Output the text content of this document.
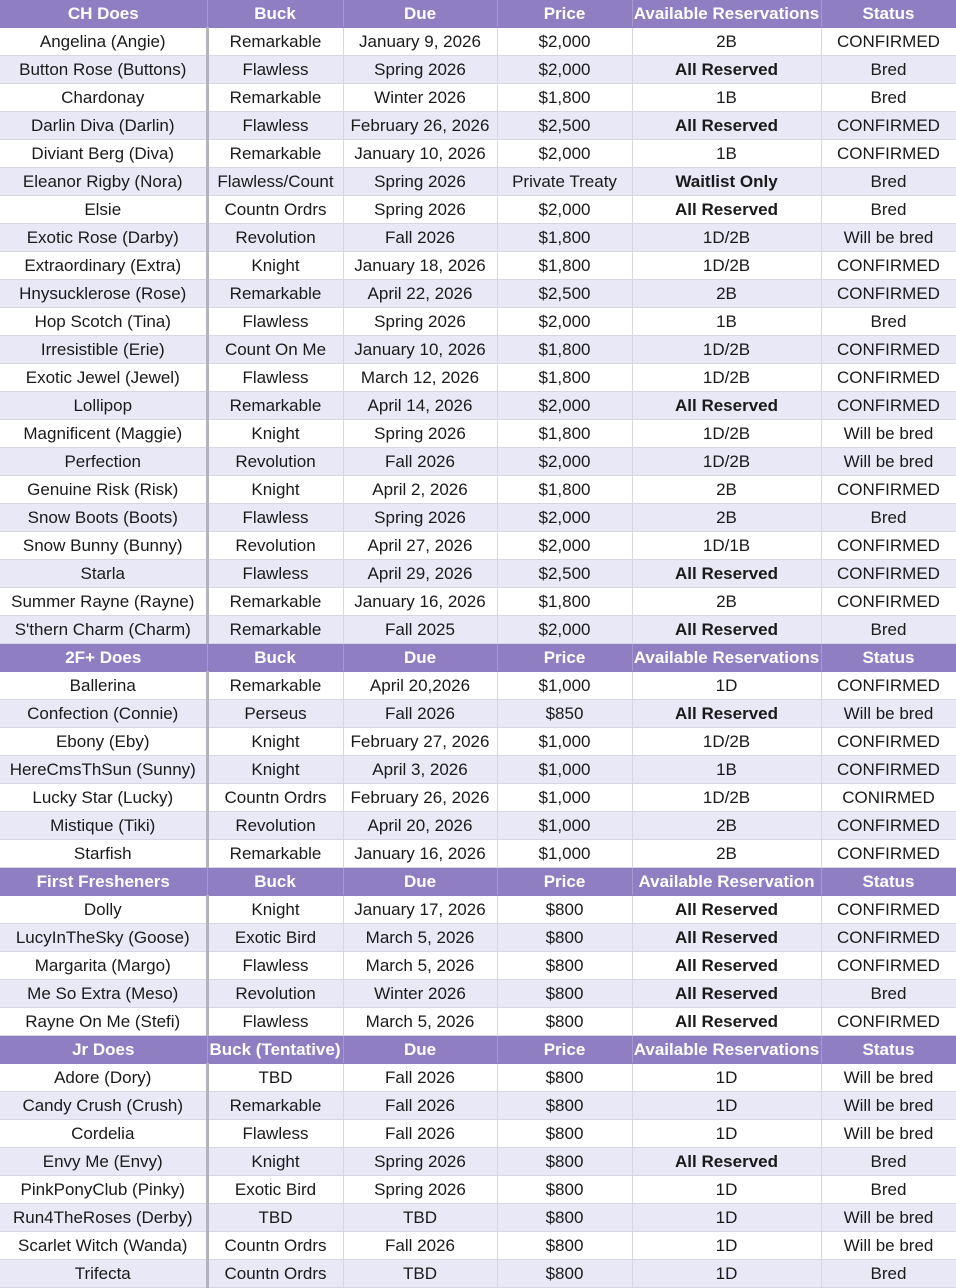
CH Does	Buck	Due	Price	Available Reservations	Status
Angelina (Angie)	Remarkable	January 9, 2026	$2,000	2B	CONFIRMED
Button Rose (Buttons)	Flawless	Spring 2026	$2,000	All Reserved	Bred
Chardonay	Remarkable	Winter 2026	$1,800	1B	Bred
Darlin Diva (Darlin)	Flawless	February 26, 2026	$2,500	All Reserved	CONFIRMED
Diviant Berg (Diva)	Remarkable	January 10, 2026	$2,000	1B	CONFIRMED
Eleanor Rigby (Nora)	Flawless/Count	Spring 2026	Private Treaty	Waitlist Only	Bred
Elsie	Countn Ordrs	Spring 2026	$2,000	All Reserved	Bred
Exotic Rose (Darby)	Revolution	Fall 2026	$1,800	1D/2B	Will be bred
Extraordinary (Extra)	Knight	January 18, 2026	$1,800	1D/2B	CONFIRMED
Hnysucklerose (Rose)	Remarkable	April 22, 2026	$2,500	2B	CONFIRMED
Hop Scotch (Tina)	Flawless	Spring 2026	$2,000	1B	Bred
Irresistible (Erie)	Count On Me	January 10, 2026	$1,800	1D/2B	CONFIRMED
Exotic Jewel (Jewel)	Flawless	March 12, 2026	$1,800	1D/2B	CONFIRMED
Lollipop	Remarkable	April 14, 2026	$2,000	All Reserved	CONFIRMED
Magnificent (Maggie)	Knight	Spring 2026	$1,800	1D/2B	Will be bred
Perfection	Revolution	Fall 2026	$2,000	1D/2B	Will be bred
Genuine Risk (Risk)	Knight	April 2, 2026	$1,800	2B	CONFIRMED
Snow Boots (Boots)	Flawless	Spring 2026	$2,000	2B	Bred
Snow Bunny (Bunny)	Revolution	April 27, 2026	$2,000	1D/1B	CONFIRMED
Starla	Flawless	April 29, 2026	$2,500	All Reserved	CONFIRMED
Summer Rayne (Rayne)	Remarkable	January 16, 2026	$1,800	2B	CONFIRMED
S'thern Charm (Charm)	Remarkable	Fall 2025	$2,000	All Reserved	Bred
2F+ Does	Buck	Due	Price	Available Reservations	Status
Ballerina	Remarkable	April 20,2026	$1,000	1D	CONFIRMED
Confection (Connie)	Perseus	Fall 2026	$850	All Reserved	Will be bred
Ebony (Eby)	Knight	February 27, 2026	$1,000	1D/2B	CONFIRMED
HereCmsThSun (Sunny)	Knight	April 3, 2026	$1,000	1B	CONFIRMED
Lucky Star (Lucky)	Countn Ordrs	February 26, 2026	$1,000	1D/2B	CONIRMED
Mistique (Tiki)	Revolution	April 20, 2026	$1,000	2B	CONFIRMED
Starfish	Remarkable	January 16, 2026	$1,000	2B	CONFIRMED
First Fresheners	Buck	Due	Price	Available Reservation	Status
Dolly	Knight	January 17, 2026	$800	All Reserved	CONFIRMED
LucyInTheSky (Goose)	Exotic Bird	March 5, 2026	$800	All Reserved	CONFIRMED
Margarita (Margo)	Flawless	March 5, 2026	$800	All Reserved	CONFIRMED
Me So Extra (Meso)	Revolution	Winter 2026	$800	All Reserved	Bred
Rayne On Me (Stefi)	Flawless	March 5, 2026	$800	All Reserved	CONFIRMED
Jr Does	Buck (Tentative)	Due	Price	Available Reservations	Status
Adore (Dory)	TBD	Fall 2026	$800	1D	Will be bred
Candy Crush (Crush)	Remarkable	Fall 2026	$800	1D	Will be bred
Cordelia	Flawless	Fall 2026	$800	1D	Will be bred
Envy Me (Envy)	Knight	Spring 2026	$800	All Reserved	Bred
PinkPonyClub (Pinky)	Exotic Bird	Spring 2026	$800	1D	Bred
Run4TheRoses (Derby)	TBD	TBD	$800	1D	Will be bred
Scarlet Witch (Wanda)	Countn Ordrs	Fall 2026	$800	1D	Will be bred
Trifecta	Countn Ordrs	TBD	$800	1D	Bred
